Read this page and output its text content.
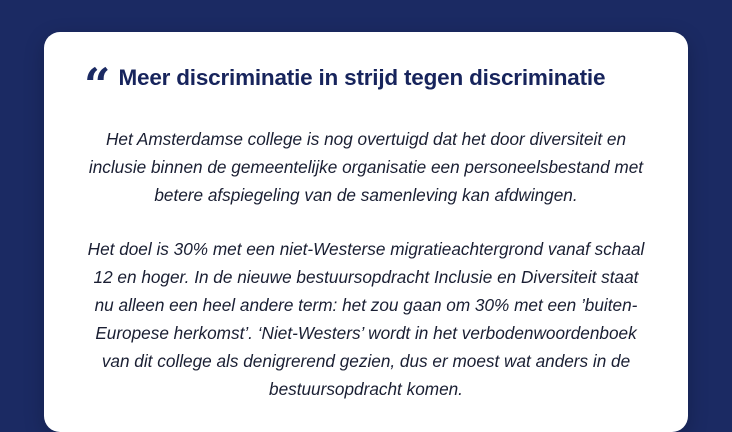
“ Meer discriminatie in strijd tegen discriminatie

Het Amsterdamse college is nog overtuigd dat het door diversiteit en inclusie binnen de gemeentelijke organisatie een personeelsbestand met betere afspiegeling van de samenleving kan afdwingen.

Het doel is 30% met een niet-Westerse migratieachtergrond vanaf schaal 12 en hoger. In de nieuwe bestuursopdracht Inclusie en Diversiteit staat nu alleen een heel andere term: het zou gaan om 30% met een ’buiten-Europese herkomst’. ‘Niet-Westers’ wordt in het verbodenwoordenboek van dit college als denigrerend gezien, dus er moest wat anders in de bestuursopdracht komen.
